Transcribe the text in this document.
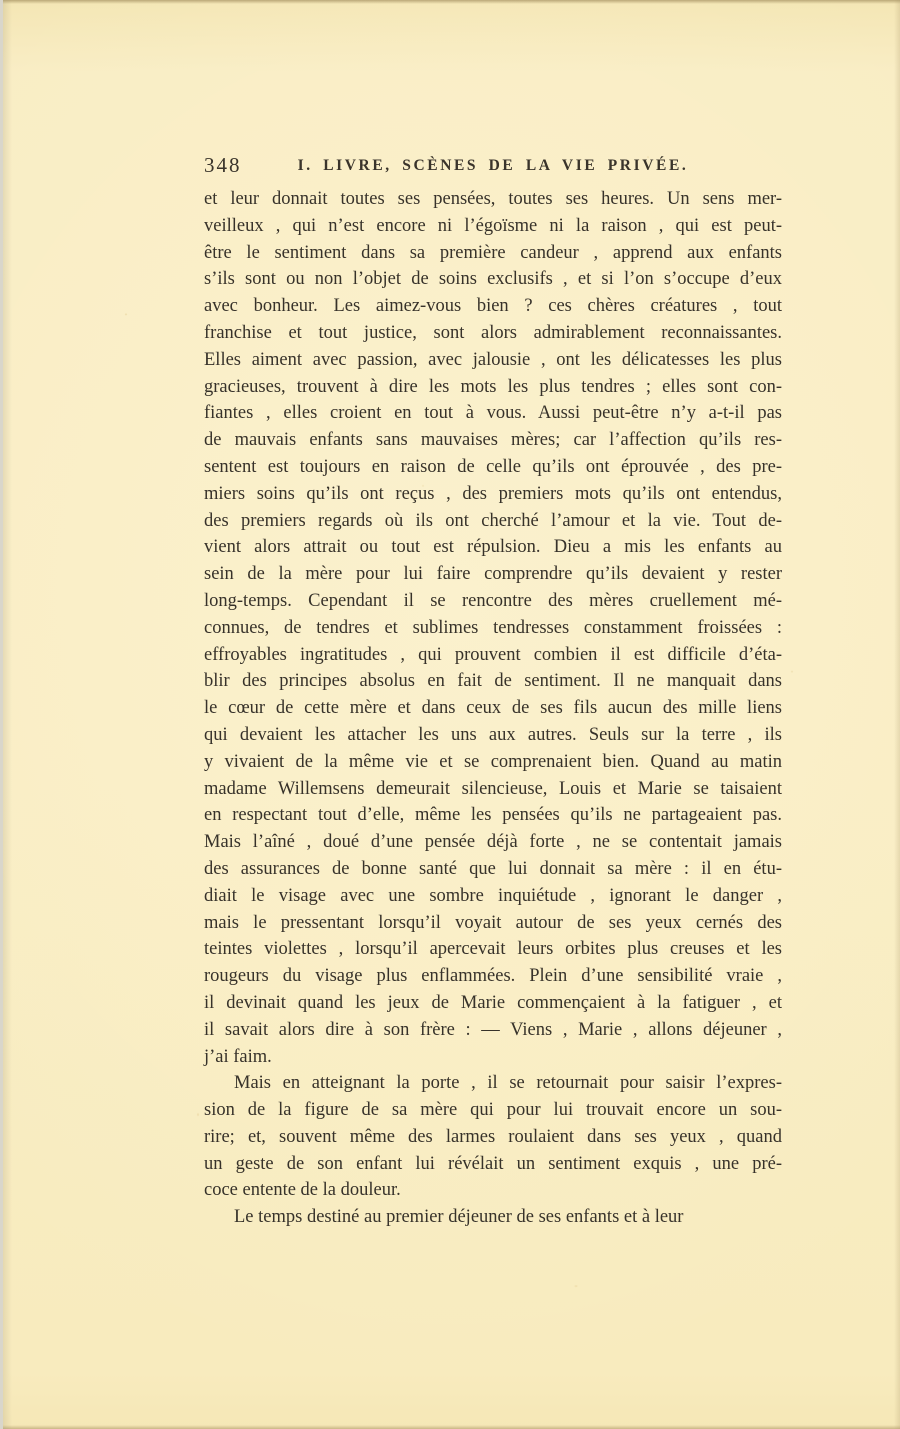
348	I. LIVRE, SCÈNES DE LA VIE PRIVÉE.
et leur donnait toutes ses pensées, toutes ses heures. Un sens mer-
veilleux , qui n’est encore ni l’égoïsme ni la raison , qui est peut-
être le sentiment dans sa première candeur , apprend aux enfants
s’ils sont ou non l’objet de soins exclusifs , et si l’on s’occupe d’eux
avec bonheur. Les aimez-vous bien ? ces chères créatures , tout
franchise et tout justice, sont alors admirablement reconnaissantes.
Elles aiment avec passion, avec jalousie , ont les délicatesses les plus
gracieuses, trouvent à dire les mots les plus tendres ; elles sont con-
fiantes , elles croient en tout à vous. Aussi peut-être n’y a-t-il pas
de mauvais enfants sans mauvaises mères; car l’affection qu’ils res-
sentent est toujours en raison de celle qu’ils ont éprouvée , des pre-
miers soins qu’ils ont reçus , des premiers mots qu’ils ont entendus,
des premiers regards où ils ont cherché l’amour et la vie. Tout de-
vient alors attrait ou tout est répulsion. Dieu a mis les enfants au
sein de la mère pour lui faire comprendre qu’ils devaient y rester
long-temps. Cependant il se rencontre des mères cruellement mé-
connues, de tendres et sublimes tendresses constamment froissées :
effroyables ingratitudes , qui prouvent combien il est difficile d’éta-
blir des principes absolus en fait de sentiment. Il ne manquait dans
le cœur de cette mère et dans ceux de ses fils aucun des mille liens
qui devaient les attacher les uns aux autres. Seuls sur la terre , ils
y vivaient de la même vie et se comprenaient bien. Quand au matin
madame Willemsens demeurait silencieuse, Louis et Marie se taisaient
en respectant tout d’elle, même les pensées qu’ils ne partageaient pas.
Mais l’aîné , doué d’une pensée déjà forte , ne se contentait jamais
des assurances de bonne santé que lui donnait sa mère : il en étu-
diait le visage avec une sombre inquiétude , ignorant le danger ,
mais le pressentant lorsqu’il voyait autour de ses yeux cernés des
teintes violettes , lorsqu’il apercevait leurs orbites plus creuses et les
rougeurs du visage plus enflammées. Plein d’une sensibilité vraie ,
il devinait quand les jeux de Marie commençaient à la fatiguer , et
il savait alors dire à son frère : — Viens , Marie , allons déjeuner ,
j’ai faim.
Mais en atteignant la porte , il se retournait pour saisir l’expres-
sion de la figure de sa mère qui pour lui trouvait encore un sou-
rire; et, souvent même des larmes roulaient dans ses yeux , quand
un geste de son enfant lui révélait un sentiment exquis , une pré-
coce entente de la douleur.
Le temps destiné au premier déjeuner de ses enfants et à leur
